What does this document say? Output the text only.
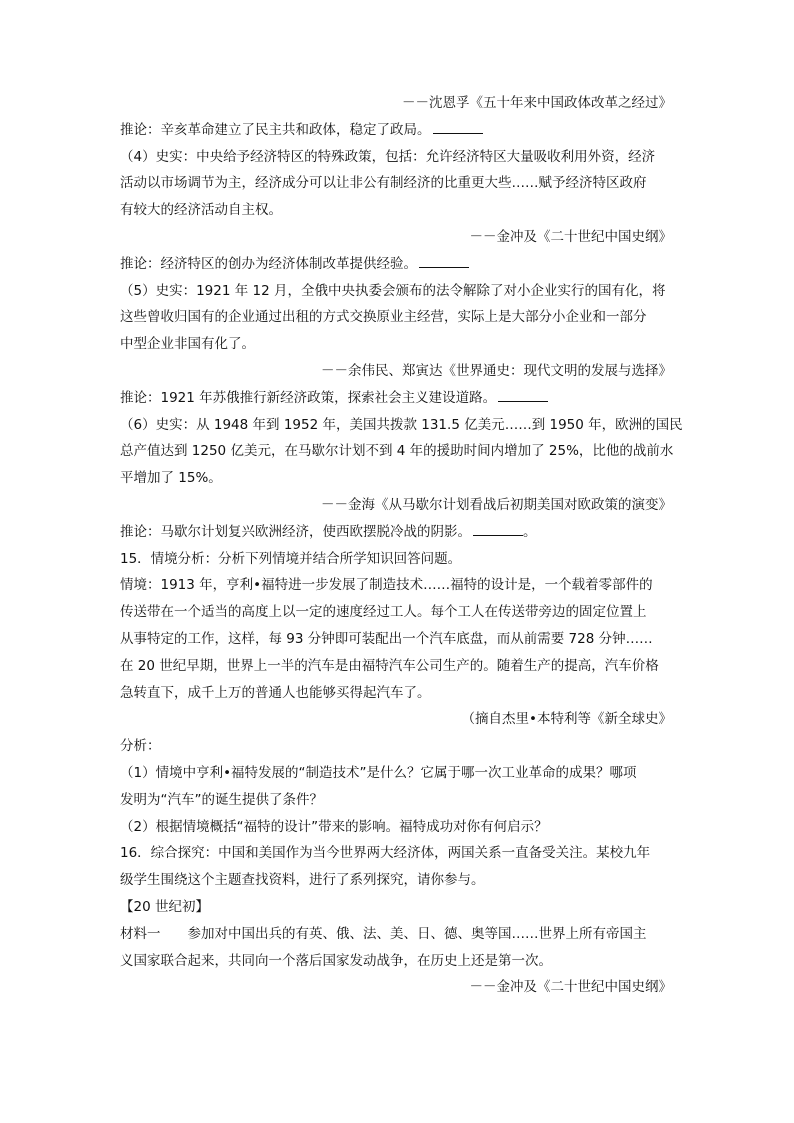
－－沈恩孚《五十年来中国政体改革之经过》
推论：辛亥革命建立了民主共和政体，稳定了政局。
（4）史实：中央给予经济特区的特殊政策，包括：允许经济特区大量吸收利用外资，经济
活动以市场调节为主，经济成分可以让非公有制经济的比重更大些……赋予经济特区政府
有较大的经济活动自主权。
－－金冲及《二十世纪中国史纲》
推论：经济特区的创办为经济体制改革提供经验。
（5）史实：1921 年 12 月，全俄中央执委会颁布的法令解除了对小企业实行的国有化，将
这些曾收归国有的企业通过出租的方式交换原业主经营，实际上是大部分小企业和一部分
中型企业非国有化了。
－－余伟民、郑寅达《世界通史：现代文明的发展与选择》
推论：1921 年苏俄推行新经济政策，探索社会主义建设道路。
（6）史实：从 1948 年到 1952 年，美国共拨款 131.5 亿美元……到 1950 年，欧洲的国民
总产值达到 1250 亿美元，在马歇尔计划不到 4 年的援助时间内增加了 25%，比他的战前水
平增加了 15%。
－－金海《从马歇尔计划看战后初期美国对欧政策的演变》
推论：马歇尔计划复兴欧洲经济，使西欧摆脱冷战的阴影。	。
15．情境分析：分析下列情境并结合所学知识回答问题。
情境：1913 年，亨利•福特进一步发展了制造技术……福特的设计是，一个载着零部件的
传送带在一个适当的高度上以一定的速度经过工人。每个工人在传送带旁边的固定位置上
从事特定的工作，这样，每 93 分钟即可装配出一个汽车底盘，而从前需要 728 分钟……
在 20 世纪早期，世界上一半的汽车是由福特汽车公司生产的。随着生产的提高，汽车价格
急转直下，成千上万的普通人也能够买得起汽车了。
（摘自杰里•本特利等《新全球史》
分析：
（1）情境中亨利•福特发展的“制造技术”是什么？它属于哪一次工业革命的成果？哪项
发明为“汽车”的诞生提供了条件？
（2）根据情境概括“福特的设计”带来的影响。福特成功对你有何启示？
16．综合探究：中国和美国作为当今世界两大经济体，两国关系一直备受关注。某校九年
级学生围绕这个主题查找资料，进行了系列探究，请你参与。
【20 世纪初】
材料一　　参加对中国出兵的有英、俄、法、美、日、德、奥等国……世界上所有帝国主
义国家联合起来，共同向一个落后国家发动战争，在历史上还是第一次。
－－金冲及《二十世纪中国史纲》
